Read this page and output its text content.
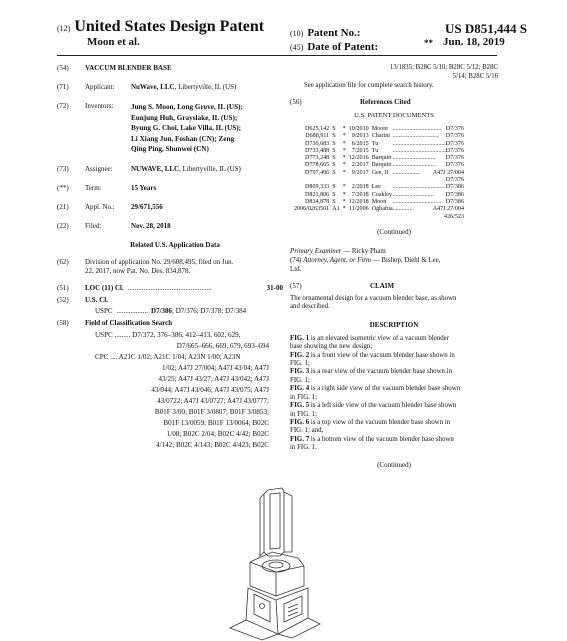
(12) United States Design Patent
Moon et al.
(10) Patent No.:	US D851,444 S
(45) Date of Patent:	** Jun. 18, 2019
(54)	VACCUM BLENDER BASE
(71)	Applicant:	NuWave, LLC, Libertyville, IL (US)
(72)	Inventors:	Jung S. Moon, Long Grove, IL (US);
Eunjung Huh, Grayslake, IL (US);
Byung G. Choi, Lake Villa, IL (US);
Li Xiang Jun, Foshan (CN); Zeng
Qing Ping, Shunwei (CN)
(73)	Assignee:	NUWAVE, LLC, Libertyville, IL (US)
(**)	Term:	15 Years
(21)	Appl. No.:	29/671,556
(22)	Filed:	Nov. 28, 2018
Related U.S. Application Data
(62)	Division of application No. 29/608,495, filed on Jun.
22, 2017, now Pat. No. Des. 834,878.
(51)	LOC (11) Cl. ................................................	31-00
(52)	U.S. Cl.
USPC .................. D7/386 ; D7/376; D7/378; D7/384
(58)	Field of Classification Search
USPC ......... D7/372, 376–386, 412–413, 602, 629,
D7/665–666, 669, 679, 693–694
CPC .... A21C 1/02; A21C 1/04; A23N 1/00; A23N
1/02; A47J 27/004; A47J 43/04; A47J
43/25; A47J 43/27; A47J 43/042; A47J
43/044; A47J 43/046; A47J 43/075; A47J
43/0722; A47J 43/0727; A47J 43/0777;
B01F 3/00; B01F 3/0807; B01F 3/0853;
B01F 13/0059; B01F 13/0064; B02C
1/08; B02C 2/04; B02C 4/42; B02C
4/142; B02C 4/143; B02C 4/423; B02C
13/1835; B28C 5/10; B28C 5/12; B28C
5/14; B28C 5/16
See application file for complete search history.
(56)	References Cited
U.S. PATENT DOCUMENTS
D625,142	S	*	10/2010	Moore	................................	D7/376
D688,911	S	*	9/2013	Charini	..............................	D7/376
D730,683	S	*	6/2015	Tu	....................................	D7/376
D733,488	S	*	7/2015	Tu	....................................	D7/376
D773,248	S	*	12/2016	Barquin	............................	D7/376
D778,665	S	*	2/2017	Barquin	............................	D7/376
D797,496	S	*	9/2017	Gee, II	..................	A47J 27/004
						D7/376
D809,333	S	*	2/2018	Lee	..................................	D7/386
D821,806	S	*	7/2018	Coakley	...........................	D7/386
D834,878	S	*	12/2018	Moon	................................	D7/386
2006/0263501	A1	*	11/2006	Oghafua	..............	A47J 27/004
						426/523
(Continued)
Primary Examiner — Ricky Pham
(74) Attorney, Agent, or Firm — Bishop, Diehl & Lee,
Ltd.
(57)	CLAIM
The ornamental design for a vacuum blender base, as shown
and described.
DESCRIPTION
FIG. 1 is an elevated isometric view of a vacuum blender
base showing the new design;
FIG. 2 is a front view of the vacuum blender base shown in
FIG. 1;
FIG. 3 is a rear view of the vacuum blender base shown in
FIG. 1;
FIG. 4 is a right side view of the vacuum blender base shown
in FIG. 1;
FIG. 5 is a left side view of the vacuum blender base shown
in FIG. 1;
FIG. 6 is a top view of the vacuum blender base shown in
FIG. 1; and,
FIG. 7 is a bottom view of the vacuum blender base shown
in FIG. 1.
(Continued)
